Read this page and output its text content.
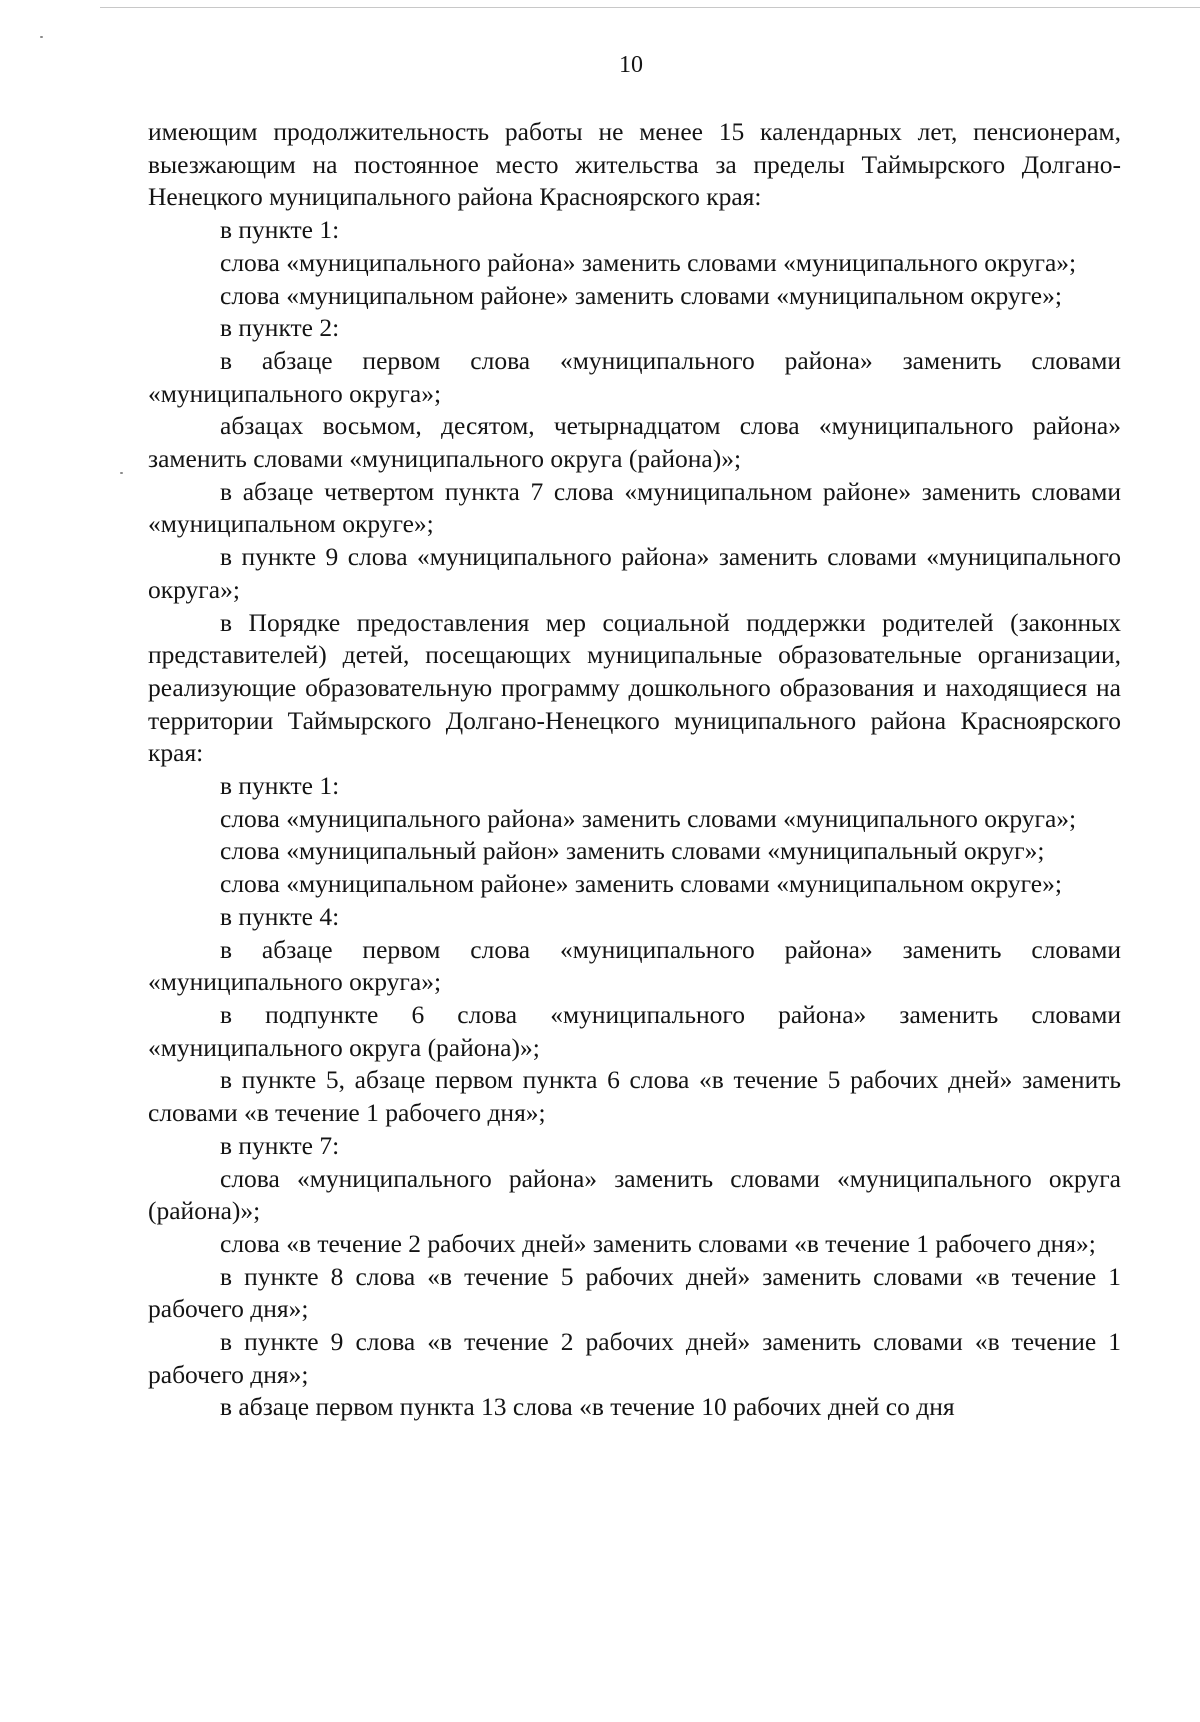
10

имеющим продолжительность работы не менее 15 календарных лет, пенсионерам, выезжающим на постоянное место жительства за пределы Таймырского Долгано-Ненецкого муниципального района Красноярского края:

в пункте 1:

слова «муниципального района» заменить словами «муниципального округа»;

слова «муниципальном районе» заменить словами «муниципальном округе»;

в пункте 2:

в абзаце первом слова «муниципального района» заменить словами «муниципального округа»;

абзацах восьмом, десятом, четырнадцатом слова «муниципального района» заменить словами «муниципального округа (района)»;

в абзаце четвертом пункта 7 слова «муниципальном районе» заменить словами «муниципальном округе»;

в пункте 9 слова «муниципального района» заменить словами «муниципального округа»;

в Порядке предоставления мер социальной поддержки родителей (законных представителей) детей, посещающих муниципальные образовательные организации, реализующие образовательную программу дошкольного образования и находящиеся на территории Таймырского Долгано-Ненецкого муниципального района Красноярского края:

в пункте 1:

слова «муниципального района» заменить словами «муниципального округа»;

слова «муниципальный район» заменить словами «муниципальный округ»;

слова «муниципальном районе» заменить словами «муниципальном округе»;

в пункте 4:

в абзаце первом слова «муниципального района» заменить словами «муниципального округа»;

в подпункте 6 слова «муниципального района» заменить словами «муниципального округа (района)»;

в пункте 5, абзаце первом пункта 6 слова «в течение 5 рабочих дней» заменить словами «в течение 1 рабочего дня»;

в пункте 7:

слова «муниципального района» заменить словами «муниципального округа (района)»;

слова «в течение 2 рабочих дней» заменить словами «в течение 1 рабочего дня»;

в пункте 8 слова «в течение 5 рабочих дней» заменить словами «в течение 1 рабочего дня»;

в пункте 9 слова «в течение 2 рабочих дней» заменить словами «в течение 1 рабочего дня»;

в абзаце первом пункта 13 слова «в течение 10 рабочих дней со дня
